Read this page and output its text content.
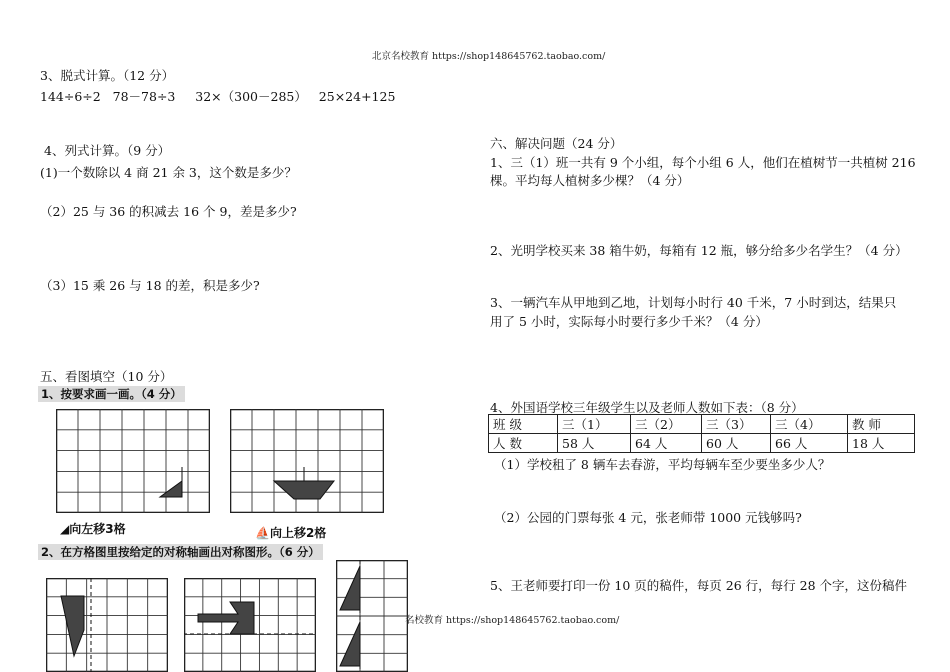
北京名校教育 https://shop148645762.taobao.com/
名校教育 https://shop148645762.taobao.com/
3、脱式计算。（12 分）
144÷6÷2 78－78÷3 32×（300－285） 25×24+125
4、列式计算。（9 分）
(1)一个数除以 4 商 21 余 3，这个数是多少？
（2）25 与 36 的积减去 16 个 9，差是多少?
（3）15 乘 26 与 18 的差，积是多少?
五、看图填空（10 分）
1、按要求画一画。（4 分）
◢向左移3格	⛵向上移2格
2、在方格图里按给定的对称轴画出对称图形。（6 分）
六、解决问题（24 分）
1、三（1）班一共有 9 个小组，每个小组 6 人，他们在植树节一共植树 216
棵。平均每人植树多少棵？（4 分）
2、光明学校买来 38 箱牛奶，每箱有 12 瓶，够分给多少名学生？（4 分）
3、一辆汽车从甲地到乙地，计划每小时行 40 千米，7 小时到达，结果只
用了 5 小时，实际每小时要行多少千米？（4 分）
4、外国语学校三年级学生以及老师人数如下表：（8 分）
班 级	三（1）	三（2）	三（3）	三（4）	教 师
人 数	58 人	64 人	60 人	66 人	18 人
（1）学校租了 8 辆车去春游，平均每辆车至少要坐多少人？
（2）公园的门票每张 4 元，张老师带 1000 元钱够吗?
5、王老师要打印一份 10 页的稿件，每页 26 行，每行 28 个字，这份稿件
